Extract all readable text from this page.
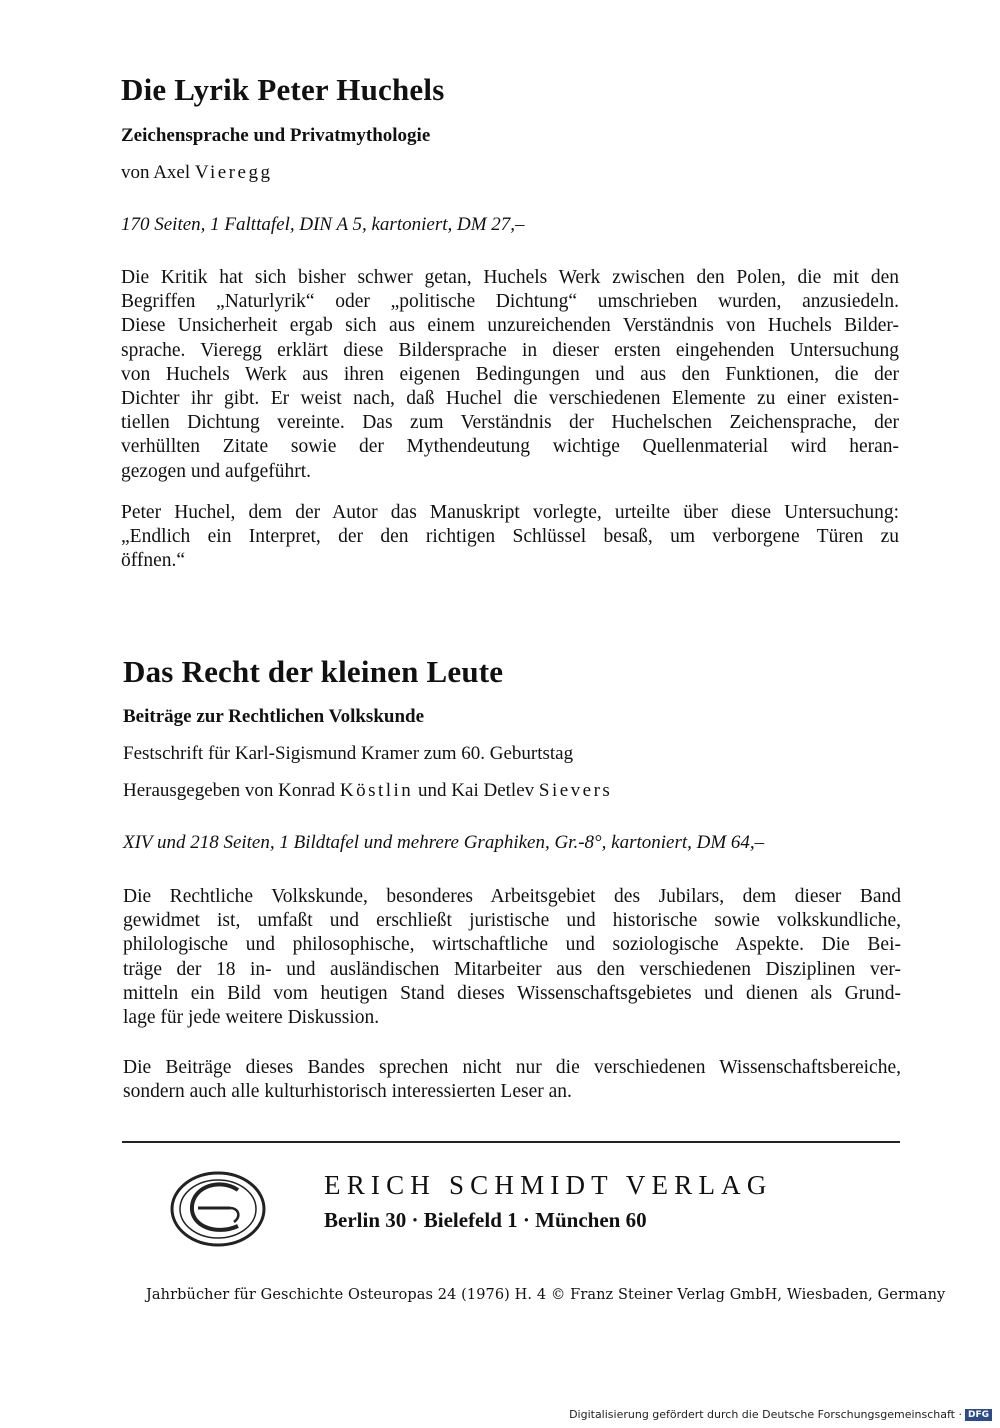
Die Lyrik Peter Huchels
Zeichensprache und Privatmythologie
von Axel Vieregg
170 Seiten, 1 Falttafel, DIN A 5, kartoniert, DM 27,–
Die Kritik hat sich bisher schwer getan, Huchels Werk zwischen den Polen, die mit den
Begriffen „Naturlyrik“ oder „politische Dichtung“ umschrieben wurden, anzusiedeln.
Diese Unsicherheit ergab sich aus einem unzureichenden Verständnis von Huchels Bilder-
sprache. Vieregg erklärt diese Bildersprache in dieser ersten eingehenden Untersuchung
von Huchels Werk aus ihren eigenen Bedingungen und aus den Funktionen, die der
Dichter ihr gibt. Er weist nach, daß Huchel die verschiedenen Elemente zu einer existen-
tiellen Dichtung vereinte. Das zum Verständnis der Huchelschen Zeichensprache, der
verhüllten Zitate sowie der Mythendeutung wichtige Quellenmaterial wird heran-
gezogen und aufgeführt.
Peter Huchel, dem der Autor das Manuskript vorlegte, urteilte über diese Untersuchung:
„Endlich ein Interpret, der den richtigen Schlüssel besaß, um verborgene Türen zu
öffnen.“
Das Recht der kleinen Leute
Beiträge zur Rechtlichen Volkskunde
Festschrift für Karl-Sigismund Kramer zum 60. Geburtstag
Herausgegeben von Konrad Köstlin und Kai Detlev Sievers
XIV und 218 Seiten, 1 Bildtafel und mehrere Graphiken, Gr.-8°, kartoniert, DM 64,–
Die Rechtliche Volkskunde, besonderes Arbeitsgebiet des Jubilars, dem dieser Band
gewidmet ist, umfaßt und erschließt juristische und historische sowie volkskundliche,
philologische und philosophische, wirtschaftliche und soziologische Aspekte. Die Bei-
träge der 18 in- und ausländischen Mitarbeiter aus den verschiedenen Disziplinen ver-
mitteln ein Bild vom heutigen Stand dieses Wissenschaftsgebietes und dienen als Grund-
lage für jede weitere Diskussion.
Die Beiträge dieses Bandes sprechen nicht nur die verschiedenen Wissenschaftsbereiche,
sondern auch alle kulturhistorisch interessierten Leser an.
ERICH SCHMIDT VERLAG
Berlin 30 · Bielefeld 1 · München 60
Jahrbücher für Geschichte Osteuropas 24 (1976) H. 4 © Franz Steiner Verlag GmbH, Wiesbaden, Germany
Digitalisierung gefördert durch die Deutsche Forschungsgemeinschaft · DFG
